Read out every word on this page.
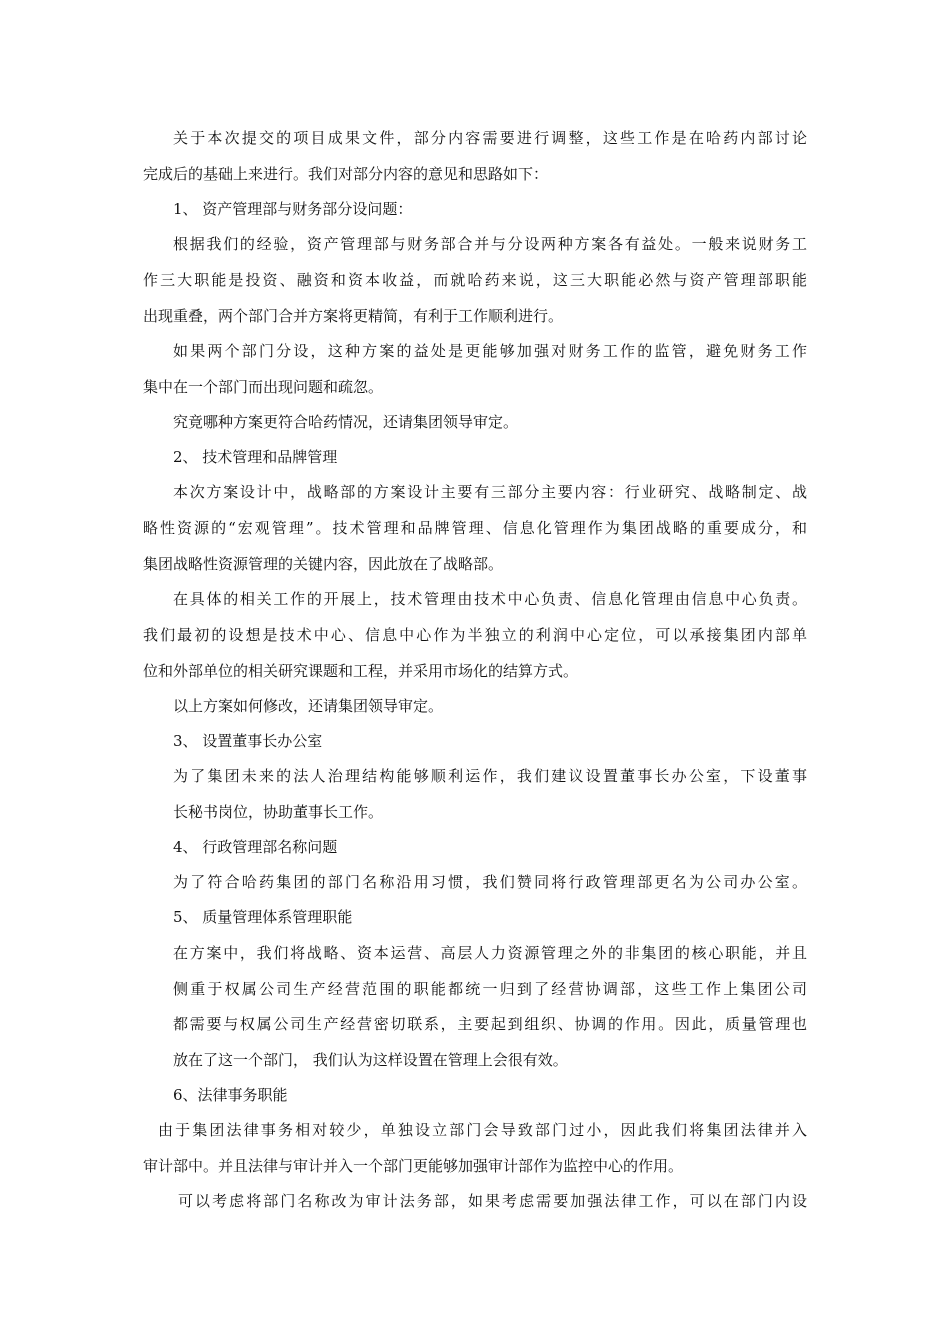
关于本次提交的项目成果文件，部分内容需要进行调整，这些工作是在哈药内部讨论

完成后的基础上来进行。我们对部分内容的意见和思路如下：

1、 资产管理部与财务部分设问题：

根据我们的经验，资产管理部与财务部合并与分设两种方案各有益处。一般来说财务工

作三大职能是投资、融资和资本收益，而就哈药来说，这三大职能必然与资产管理部职能

出现重叠，两个部门合并方案将更精简，有利于工作顺利进行。

如果两个部门分设，这种方案的益处是更能够加强对财务工作的监管，避免财务工作

集中在一个部门而出现问题和疏忽。

究竟哪种方案更符合哈药情况，还请集团领导审定。

2、 技术管理和品牌管理

本次方案设计中，战略部的方案设计主要有三部分主要内容：行业研究、战略制定、战

略性资源的“宏观管理”。技术管理和品牌管理、信息化管理作为集团战略的重要成分，和

集团战略性资源管理的关键内容，因此放在了战略部。

在具体的相关工作的开展上，技术管理由技术中心负责、信息化管理由信息中心负责。

我们最初的设想是技术中心、信息中心作为半独立的利润中心定位，可以承接集团内部单

位和外部单位的相关研究课题和工程，并采用市场化的结算方式。

以上方案如何修改，还请集团领导审定。

3、 设置董事长办公室

为了集团未来的法人治理结构能够顺利运作，我们建议设置董事长办公室，下设董事

长秘书岗位，协助董事长工作。

4、 行政管理部名称问题

为了符合哈药集团的部门名称沿用习惯，我们赞同将行政管理部更名为公司办公室。

5、 质量管理体系管理职能

在方案中，我们将战略、资本运营、高层人力资源管理之外的非集团的核心职能，并且

侧重于权属公司生产经营范围的职能都统一归到了经营协调部，这些工作上集团公司

都需要与权属公司生产经营密切联系，主要起到组织、协调的作用。因此，质量管理也

放在了这一个部门， 我们认为这样设置在管理上会很有效。

6、法律事务职能

由于集团法律事务相对较少，单独设立部门会导致部门过小，因此我们将集团法律并入

审计部中。并且法律与审计并入一个部门更能够加强审计部作为监控中心的作用。

可以考虑将部门名称改为审计法务部，如果考虑需要加强法律工作，可以在部门内设
